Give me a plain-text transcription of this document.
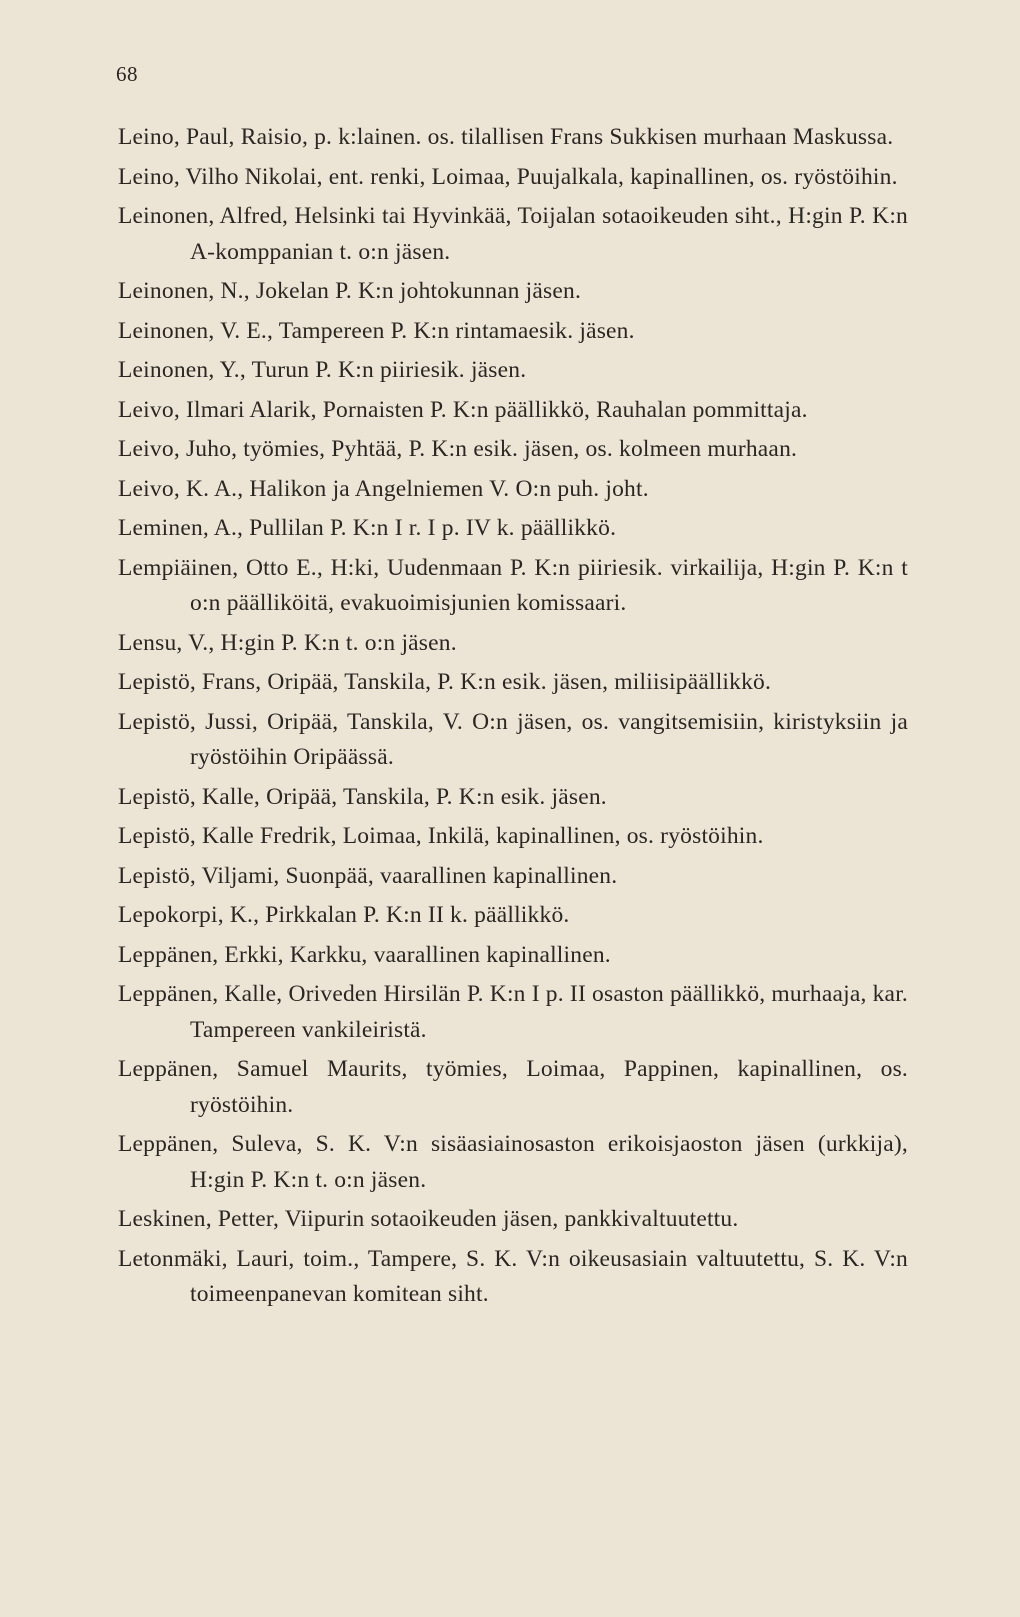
68

Leino, Paul, Raisio, p. k:lainen. os. tilallisen Frans Sukkisen murhaan Maskussa.

Leino, Vilho Nikolai, ent. renki, Loimaa, Puujalkala, kapinallinen, os. ryöstöihin.

Leinonen, Alfred, Helsinki tai Hyvinkää, Toijalan sotaoikeuden siht., H:gin P. K:n A-komppanian t. o:n jäsen.

Leinonen, N., Jokelan P. K:n johtokunnan jäsen.

Leinonen, V. E., Tampereen P. K:n rintamaesik. jäsen.

Leinonen, Y., Turun P. K:n piiriesik. jäsen.

Leivo, Ilmari Alarik, Pornaisten P. K:n päällikkö, Rauhalan pommittaja.

Leivo, Juho, työmies, Pyhtää, P. K:n esik. jäsen, os. kolmeen murhaan.

Leivo, K. A., Halikon ja Angelniemen V. O:n puh. joht.

Leminen, A., Pullilan P. K:n I r. I p. IV k. päällikkö.

Lempiäinen, Otto E., H:ki, Uudenmaan P. K:n piiriesik. virkailija, H:gin P. K:n t o:n päälliköitä, evakuoimisjunien komissaari.

Lensu, V., H:gin P. K:n t. o:n jäsen.

Lepistö, Frans, Oripää, Tanskila, P. K:n esik. jäsen, miliisipäällikkö.

Lepistö, Jussi, Oripää, Tanskila, V. O:n jäsen, os. vangitsemisiin, kiristyksiin ja ryöstöihin Oripäässä.

Lepistö, Kalle, Oripää, Tanskila, P. K:n esik. jäsen.

Lepistö, Kalle Fredrik, Loimaa, Inkilä, kapinallinen, os. ryöstöihin.

Lepistö, Viljami, Suonpää, vaarallinen kapinallinen.

Lepokorpi, K., Pirkkalan P. K:n II k. päällikkö.

Leppänen, Erkki, Karkku, vaarallinen kapinallinen.

Leppänen, Kalle, Oriveden Hirsilän P. K:n I p. II osaston päällikkö, murhaaja, kar. Tampereen vankileiristä.

Leppänen, Samuel Maurits, työmies, Loimaa, Pappinen, kapinallinen, os. ryöstöihin.

Leppänen, Suleva, S. K. V:n sisäasiainosaston erikoisjaoston jäsen (urkkija), H:gin P. K:n t. o:n jäsen.

Leskinen, Petter, Viipurin sotaoikeuden jäsen, pankkivaltuutettu.

Letonmäki, Lauri, toim., Tampere, S. K. V:n oikeusasiain valtuutettu, S. K. V:n toimeenpanevan komitean siht.
